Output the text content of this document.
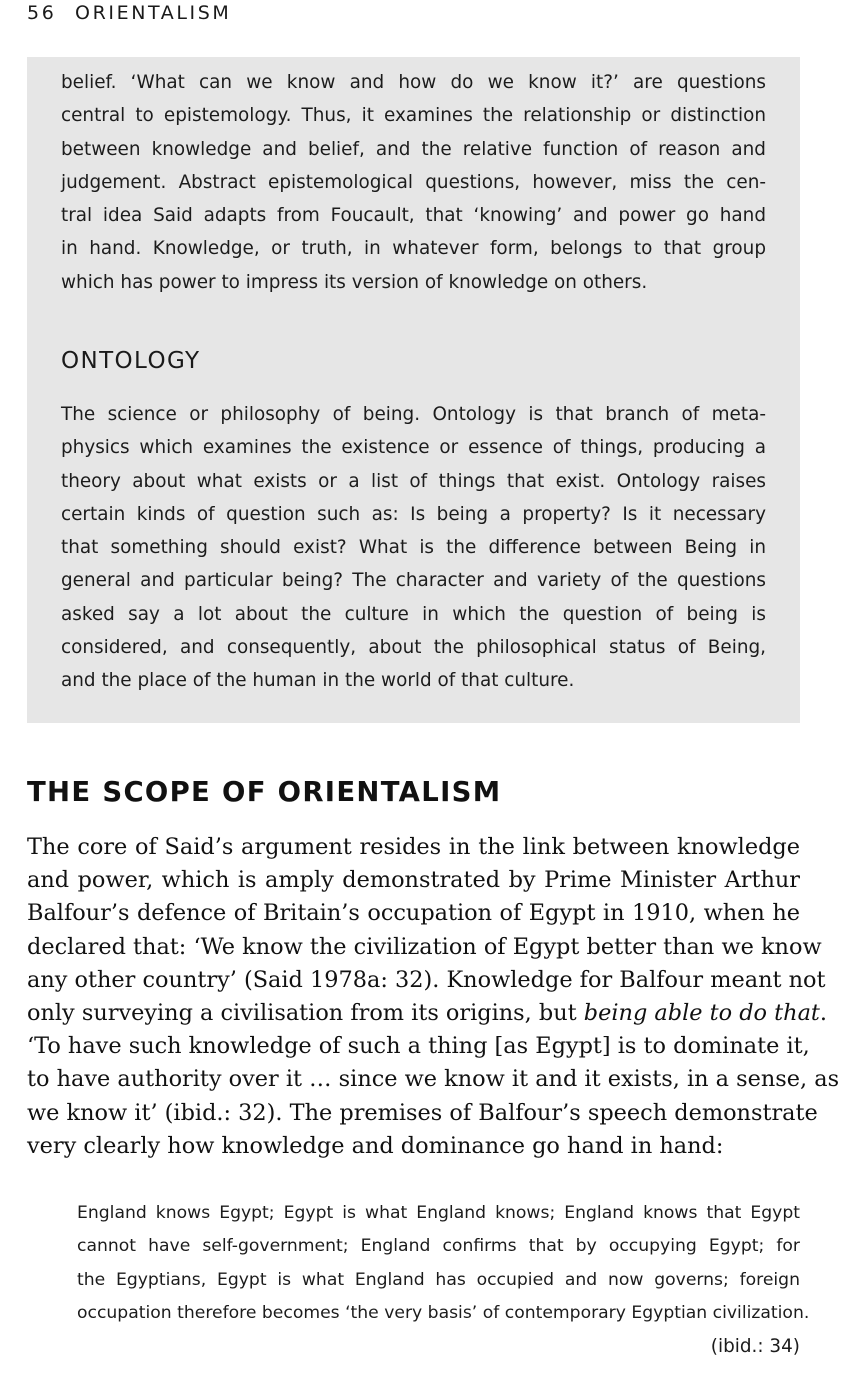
56 ORIENTALISM
belief. ‘What can we know and how do we know it?’ are questions
central to epistemology. Thus, it examines the relationship or distinction
between knowledge and belief, and the relative function of reason and
judgement. Abstract epistemological questions, however, miss the cen-
tral idea Said adapts from Foucault, that ‘knowing’ and power go hand
in hand. Knowledge, or truth, in whatever form, belongs to that group
which has power to impress its version of knowledge on others.
ONTOLOGY
The science or philosophy of being. Ontology is that branch of meta-
physics which examines the existence or essence of things, producing a
theory about what exists or a list of things that exist. Ontology raises
certain kinds of question such as: Is being a property? Is it necessary
that something should exist? What is the difference between Being in
general and particular being? The character and variety of the questions
asked say a lot about the culture in which the question of being is
considered, and consequently, about the philosophical status of Being,
and the place of the human in the world of that culture.
THE SCOPE OF ORIENTALISM
The core of Said’s argument resides in the link between knowledge
and power, which is amply demonstrated by Prime Minister Arthur
Balfour’s defence of Britain’s occupation of Egypt in 1910, when he
declared that: ‘We know the civilization of Egypt better than we know
any other country’ (Said 1978a: 32). Knowledge for Balfour meant not
only surveying a civilisation from its origins, but being able to do that.
‘To have such knowledge of such a thing [as Egypt] is to dominate it,
to have authority over it … since we know it and it exists, in a sense, as
we know it’ (ibid.: 32). The premises of Balfour’s speech demonstrate
very clearly how knowledge and dominance go hand in hand:
England knows Egypt; Egypt is what England knows; England knows that Egypt
cannot have self-government; England confirms that by occupying Egypt; for
the Egyptians, Egypt is what England has occupied and now governs; foreign
occupation therefore becomes ‘the very basis’ of contemporary Egyptian civilization.
(ibid.: 34)
